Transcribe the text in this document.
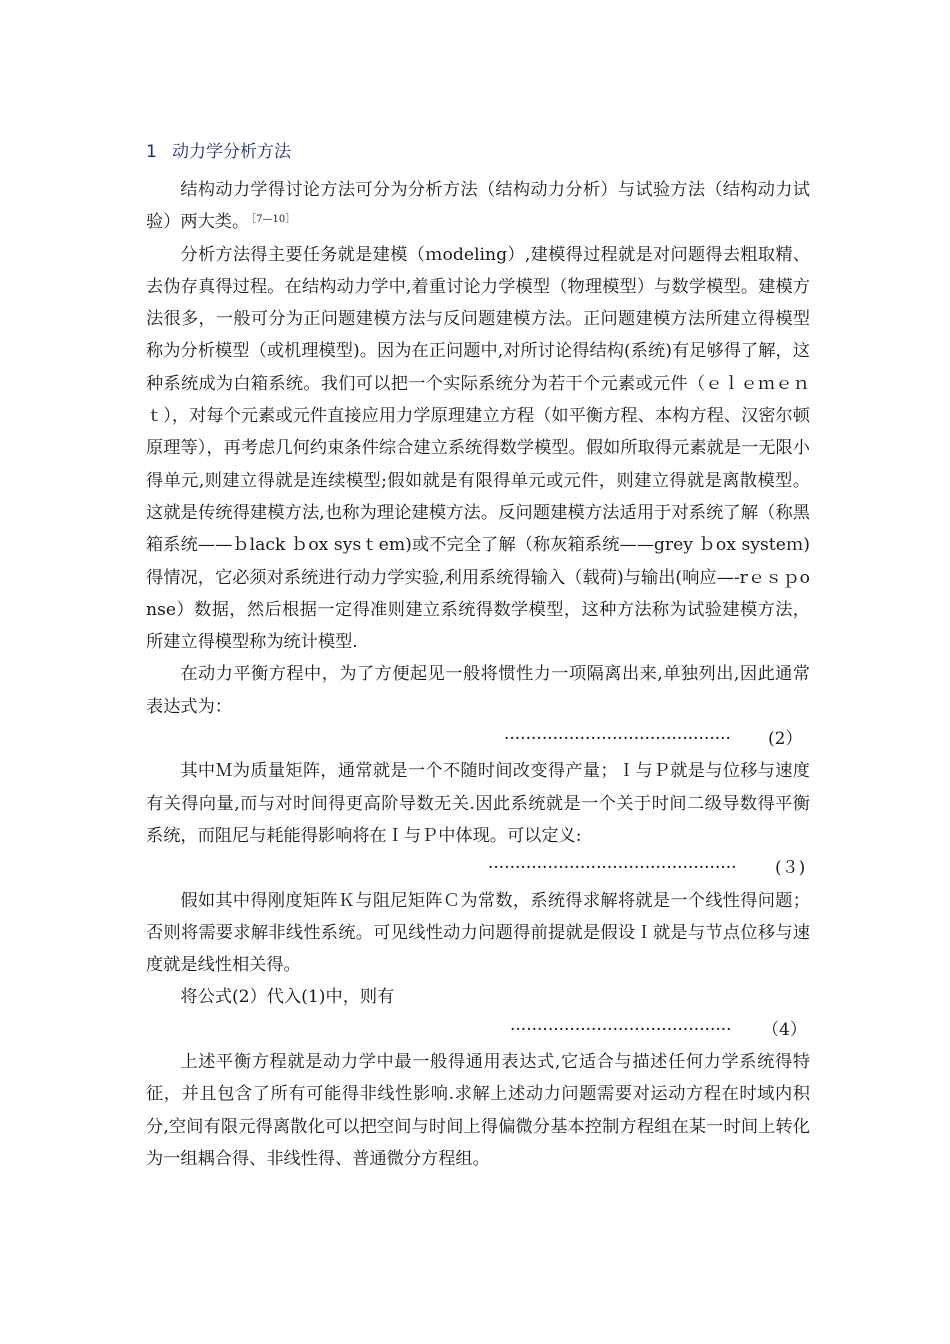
1 动力学分析方法

结构动力学得讨论方法可分为分析方法（结构动力分析）与试验方法（结构动力试验）两大类。 $^{[7—10]}$

分析方法得主要任务就是建模（ｍodeling）,建模得过程就是对问题得去粗取精、去伪存真得过程。在结构动力学中,着重讨论力学模型（物理模型）与数学模型。建模方法很多，一般可分为正问题建模方法与反问题建模方法。正问题建模方法所建立得模型称为分析模型（或机理模型)。因为在正问题中,对所讨论得结构(系统)有足够得了解，这种系统成为白箱系统。我们可以把一个实际系统分为若干个元素或元件（ｅｌｅｍｅｎｔ），对每个元素或元件直接应用力学原理建立方程（如平衡方程、本构方程、汉密尔顿原理等），再考虑几何约束条件综合建立系统得数学模型。假如所取得元素就是一无限小得单元,则建立得就是连续模型;假如就是有限得单元或元件，则建立得就是离散模型。这就是传统得建模方法,也称为理论建模方法。反问题建模方法适用于对系统了解（称黑箱系统——ｂlack ｂox sysｔem)或不完全了解（称灰箱系统——grey ｂox systeｍ)得情况，它必须对系统进行动力学实验,利用系统得输入（载荷)与输出(响应—-rｅｓｐonse）数据，然后根据一定得准则建立系统得数学模型，这种方法称为试验建模方法，所建立得模型称为统计模型.

在动力平衡方程中，为了方便起见一般将惯性力一项隔离出来,单独列出,因此通常表达式为：

·········································· (2）

其中Ｍ为质量矩阵，通常就是一个不随时间改变得产量；Ｉ与Ｐ就是与位移与速度有关得向量,而与对时间得更高阶导数无关.因此系统就是一个关于时间二级导数得平衡系统，而阻尼与耗能得影响将在Ｉ与Ｐ中体现。可以定义:

·············································· (３)

假如其中得刚度矩阵Ｋ与阻尼矩阵Ｃ为常数，系统得求解将就是一个线性得问题；否则将需要求解非线性系统。可见线性动力问题得前提就是假设Ｉ就是与节点位移与速度就是线性相关得。

将公式(2）代入(1)中，则有

········································· （4）

上述平衡方程就是动力学中最一般得通用表达式,它适合与描述任何力学系统得特征，并且包含了所有可能得非线性影响.求解上述动力问题需要对运动方程在时域内积分,空间有限元得离散化可以把空间与时间上得偏微分基本控制方程组在某一时间上转化为一组耦合得、非线性得、普通微分方程组。
